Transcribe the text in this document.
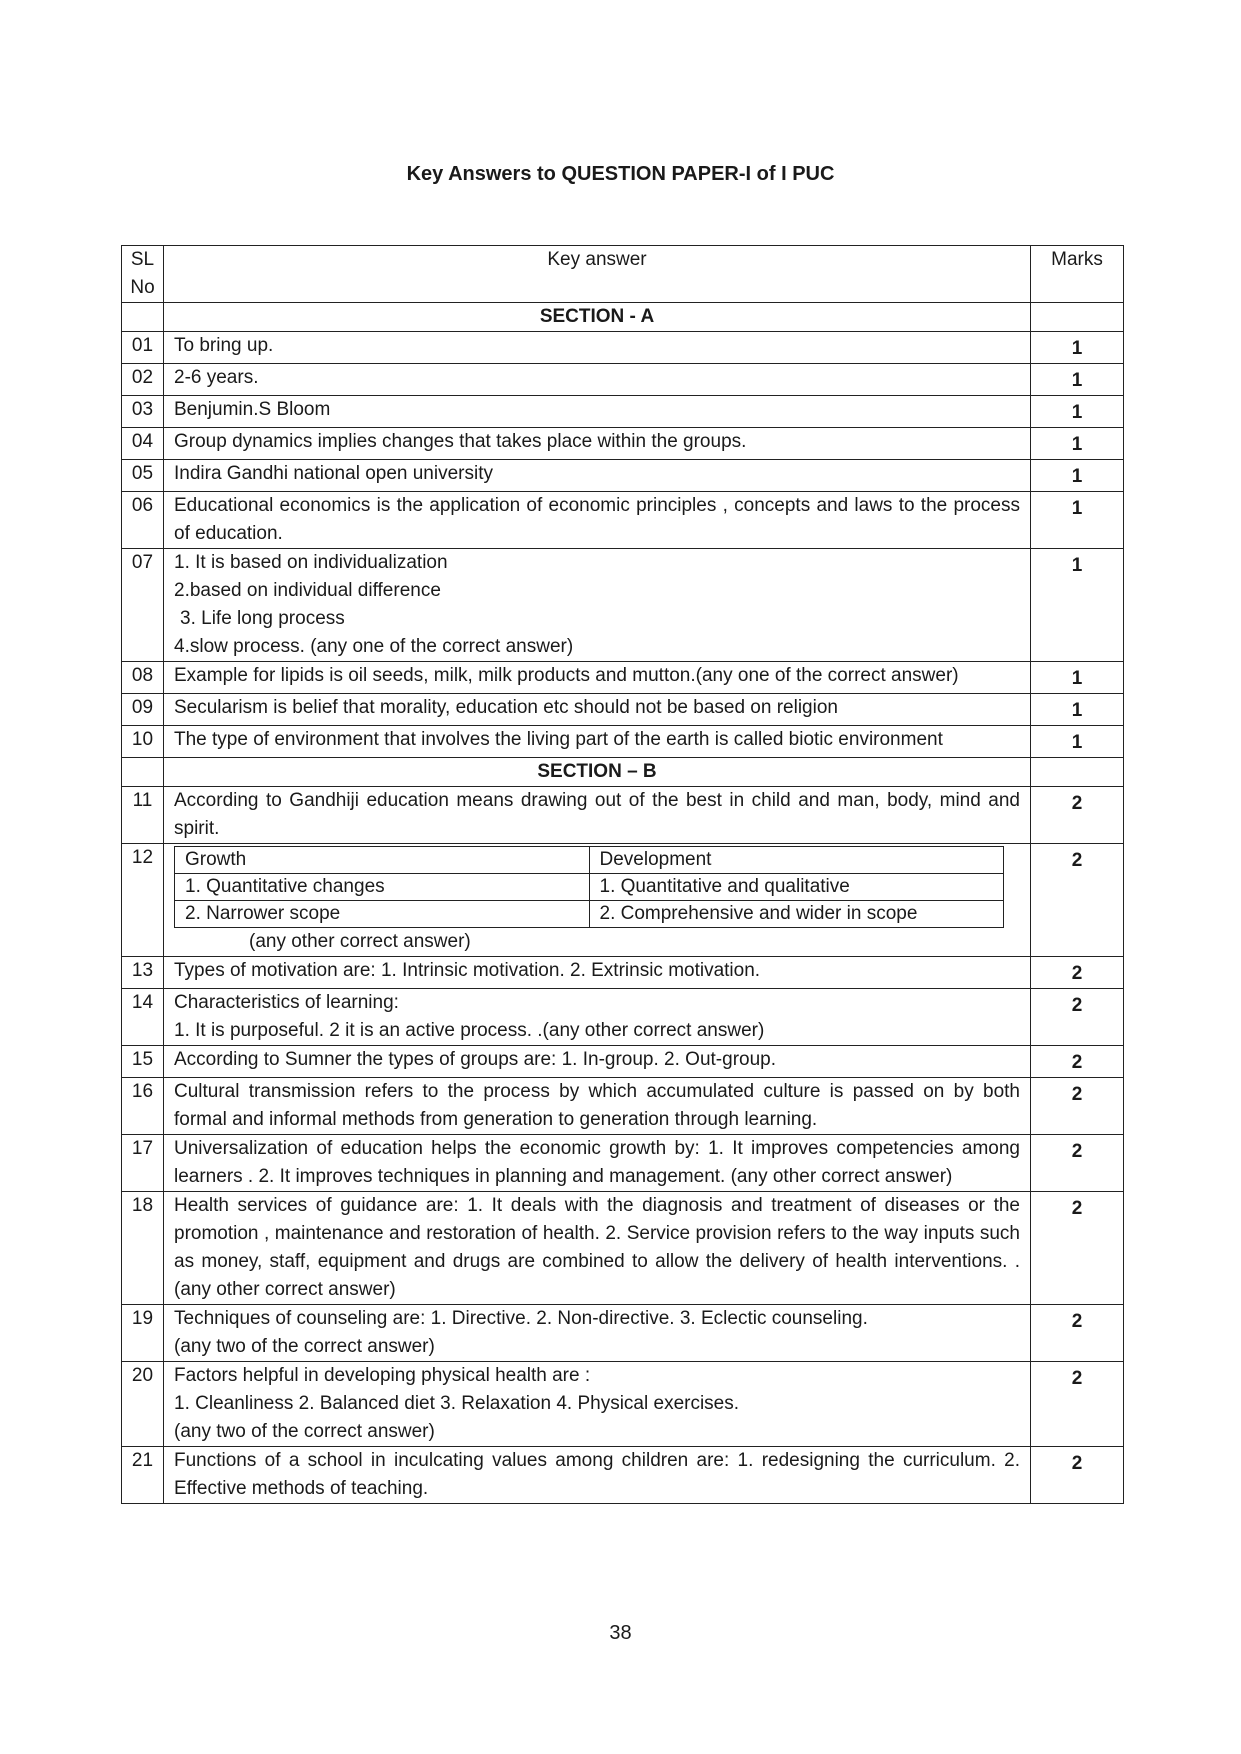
Key Answers to QUESTION PAPER-I of I PUC
SL
No
	Key answer	Marks
	SECTION - A	
01	To bring up.	1
02	2-6 years.	1
03	Benjumin.S Bloom	1
04	Group dynamics implies changes that takes place within the groups.	1
05	Indira Gandhi national open university	1
06	Educational economics is the application of economic principles , concepts and laws to the process of education.
	1
07	1. It is based on individualization
2.based on individual difference
3. Life long process
4.slow process. (any one of the correct answer)
	1
08	Example for lipids is oil seeds, milk, milk products and mutton.(any one of the correct answer)	1
09	Secularism is belief that morality, education etc should not be based on religion	1
10	The type of environment that involves the living part of the earth is called biotic environment	1
	SECTION – B	
11	According to Gandhiji education means drawing out of the best in child and man, body, mind and spirit.
	2
12	Growth	Development
1. Quantitative changes	1. Quantitative and qualitative
2. Narrower scope	2. Comprehensive and wider in scope
(any other correct answer)
	2
13	Types of motivation are: 1. Intrinsic motivation. 2. Extrinsic motivation.	2
14	Characteristics of learning:
1. It is purposeful. 2 it is an active process. .(any other correct answer)
	2
15	According to Sumner the types of groups are: 1. In-group. 2. Out-group.	2
16	Cultural transmission refers to the process by which accumulated culture is passed on by both formal and informal methods from generation to generation through learning.
	2
17	Universalization of education helps the economic growth by: 1. It improves competencies among learners . 2. It improves techniques in planning and management. (any other correct answer)
	2
18	Health services of guidance are: 1. It deals with the diagnosis and treatment of diseases or the promotion , maintenance and restoration of health. 2. Service provision refers to the way inputs such as money, staff, equipment and drugs are combined to allow the delivery of health interventions. .(any other correct answer)
	2
19	Techniques of counseling are: 1. Directive. 2. Non-directive. 3. Eclectic counseling.
(any two of the correct answer)
	2
20	Factors helpful in developing physical health are :
1. Cleanliness 2. Balanced diet 3. Relaxation 4. Physical exercises.
(any two of the correct answer)
	2
21	Functions of a school in inculcating values among children are: 1. redesigning the curriculum. 2. Effective methods of teaching.
	2
38
